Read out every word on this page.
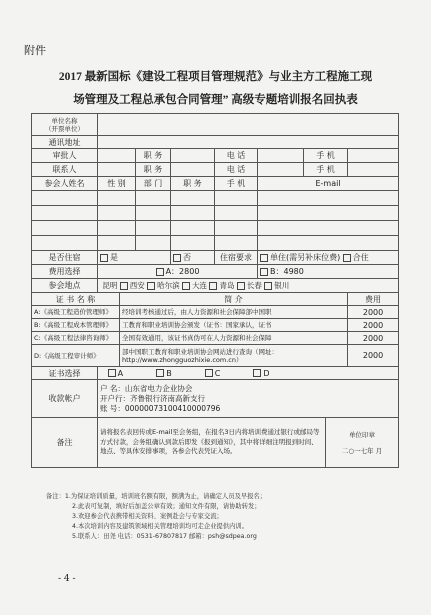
附件
2017 最新国标《建设工程项目管理规范》与业主方工程施工现
场管理及工程总承包合同管理” 高级专题培训报名回执表
单位名称
（开票单位）									
通讯地址									
审批人			职 务		电 话		手 机		
联系人			职 务		电 话		手 机		
参会人姓名	性 别		部 门	职 务	手 机	E-mail			

是否住宿	是			否	住宿要求	单住(需另补床位费) 合住			
费用选择	A：2800					B：4980			
参会地点	昆明 西安 哈尔滨 大连 青岛 长春 银川								
证 书 名 称		简 介							费用
A:《高级工程造价管理师》		经培训考核通过后，由人力资源和社会保障部中国职							2000
B:《高级工程成本管理师》		工教育和职业培训协会颁发（证书：国家承认，证书							2000
C:《高级工程法律咨询师》		全国有效通用，该证书真伪可在人力资源和社会保障							2000
D:《高级工程审计师》		部中国职工教育和职业培训协会网站进行查询（网址：http://www.zhongguozhixie.com.cn）							2000
证书选择	A B C D								
收款帐户	户 名：山东省电力企业协会
开户行：齐鲁银行济南高新支行
账 号：00000073100410000796								

备注	请将报名表回传或E-mail至会务组，在报名3日内将培训费通过银行或邮局等方式付款，会务组确认到款后即发《报到通知》，其中将详细注明报到时间、地点、等具体安排事项，各参会代表凭证入场。							单位印章
二○一七年 月	
备注：1.为保证培训质量，培训班名额有限，额满为止，请确定人员及早报名；
2.此表可复制，填好后加盖公章有效；通知文件有限，请协助转发；
3.欢迎参会代表携带相关资料、案例赴会与专家交流；
4.本次培训内容及建筑领域相关管理培训均可走企业提供内训。
5.联系人：田尧 电话：0531-67807817 邮箱：psh@sdpea.org
- 4 -
